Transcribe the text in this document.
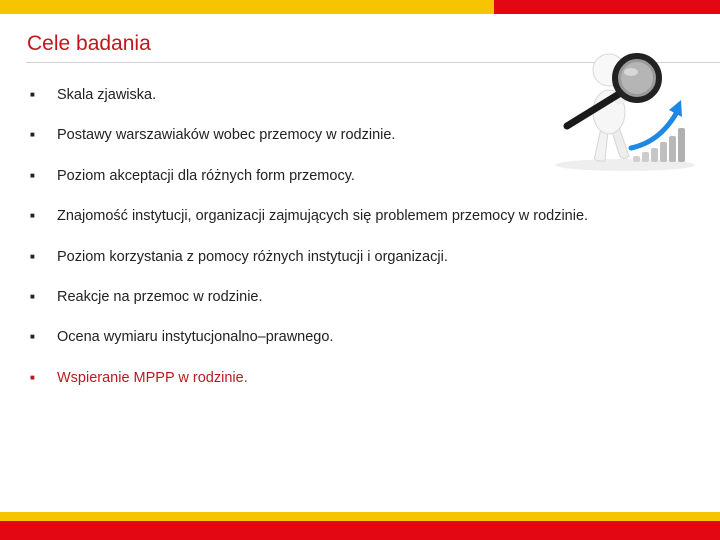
Cele badania
■ Skala zjawiska.
■ Postawy warszawiaków wobec przemocy w rodzinie.
■ Poziom akceptacji dla różnych form przemocy.
■ Znajomość instytucji, organizacji zajmujących się problemem przemocy w rodzinie.
■ Poziom korzystania z pomocy różnych instytucji i organizacji.
■ Reakcje na przemoc w rodzinie.
■ Ocena wymiaru instytucjonalno–prawnego.
■ Wspieranie MPPP w rodzinie.
